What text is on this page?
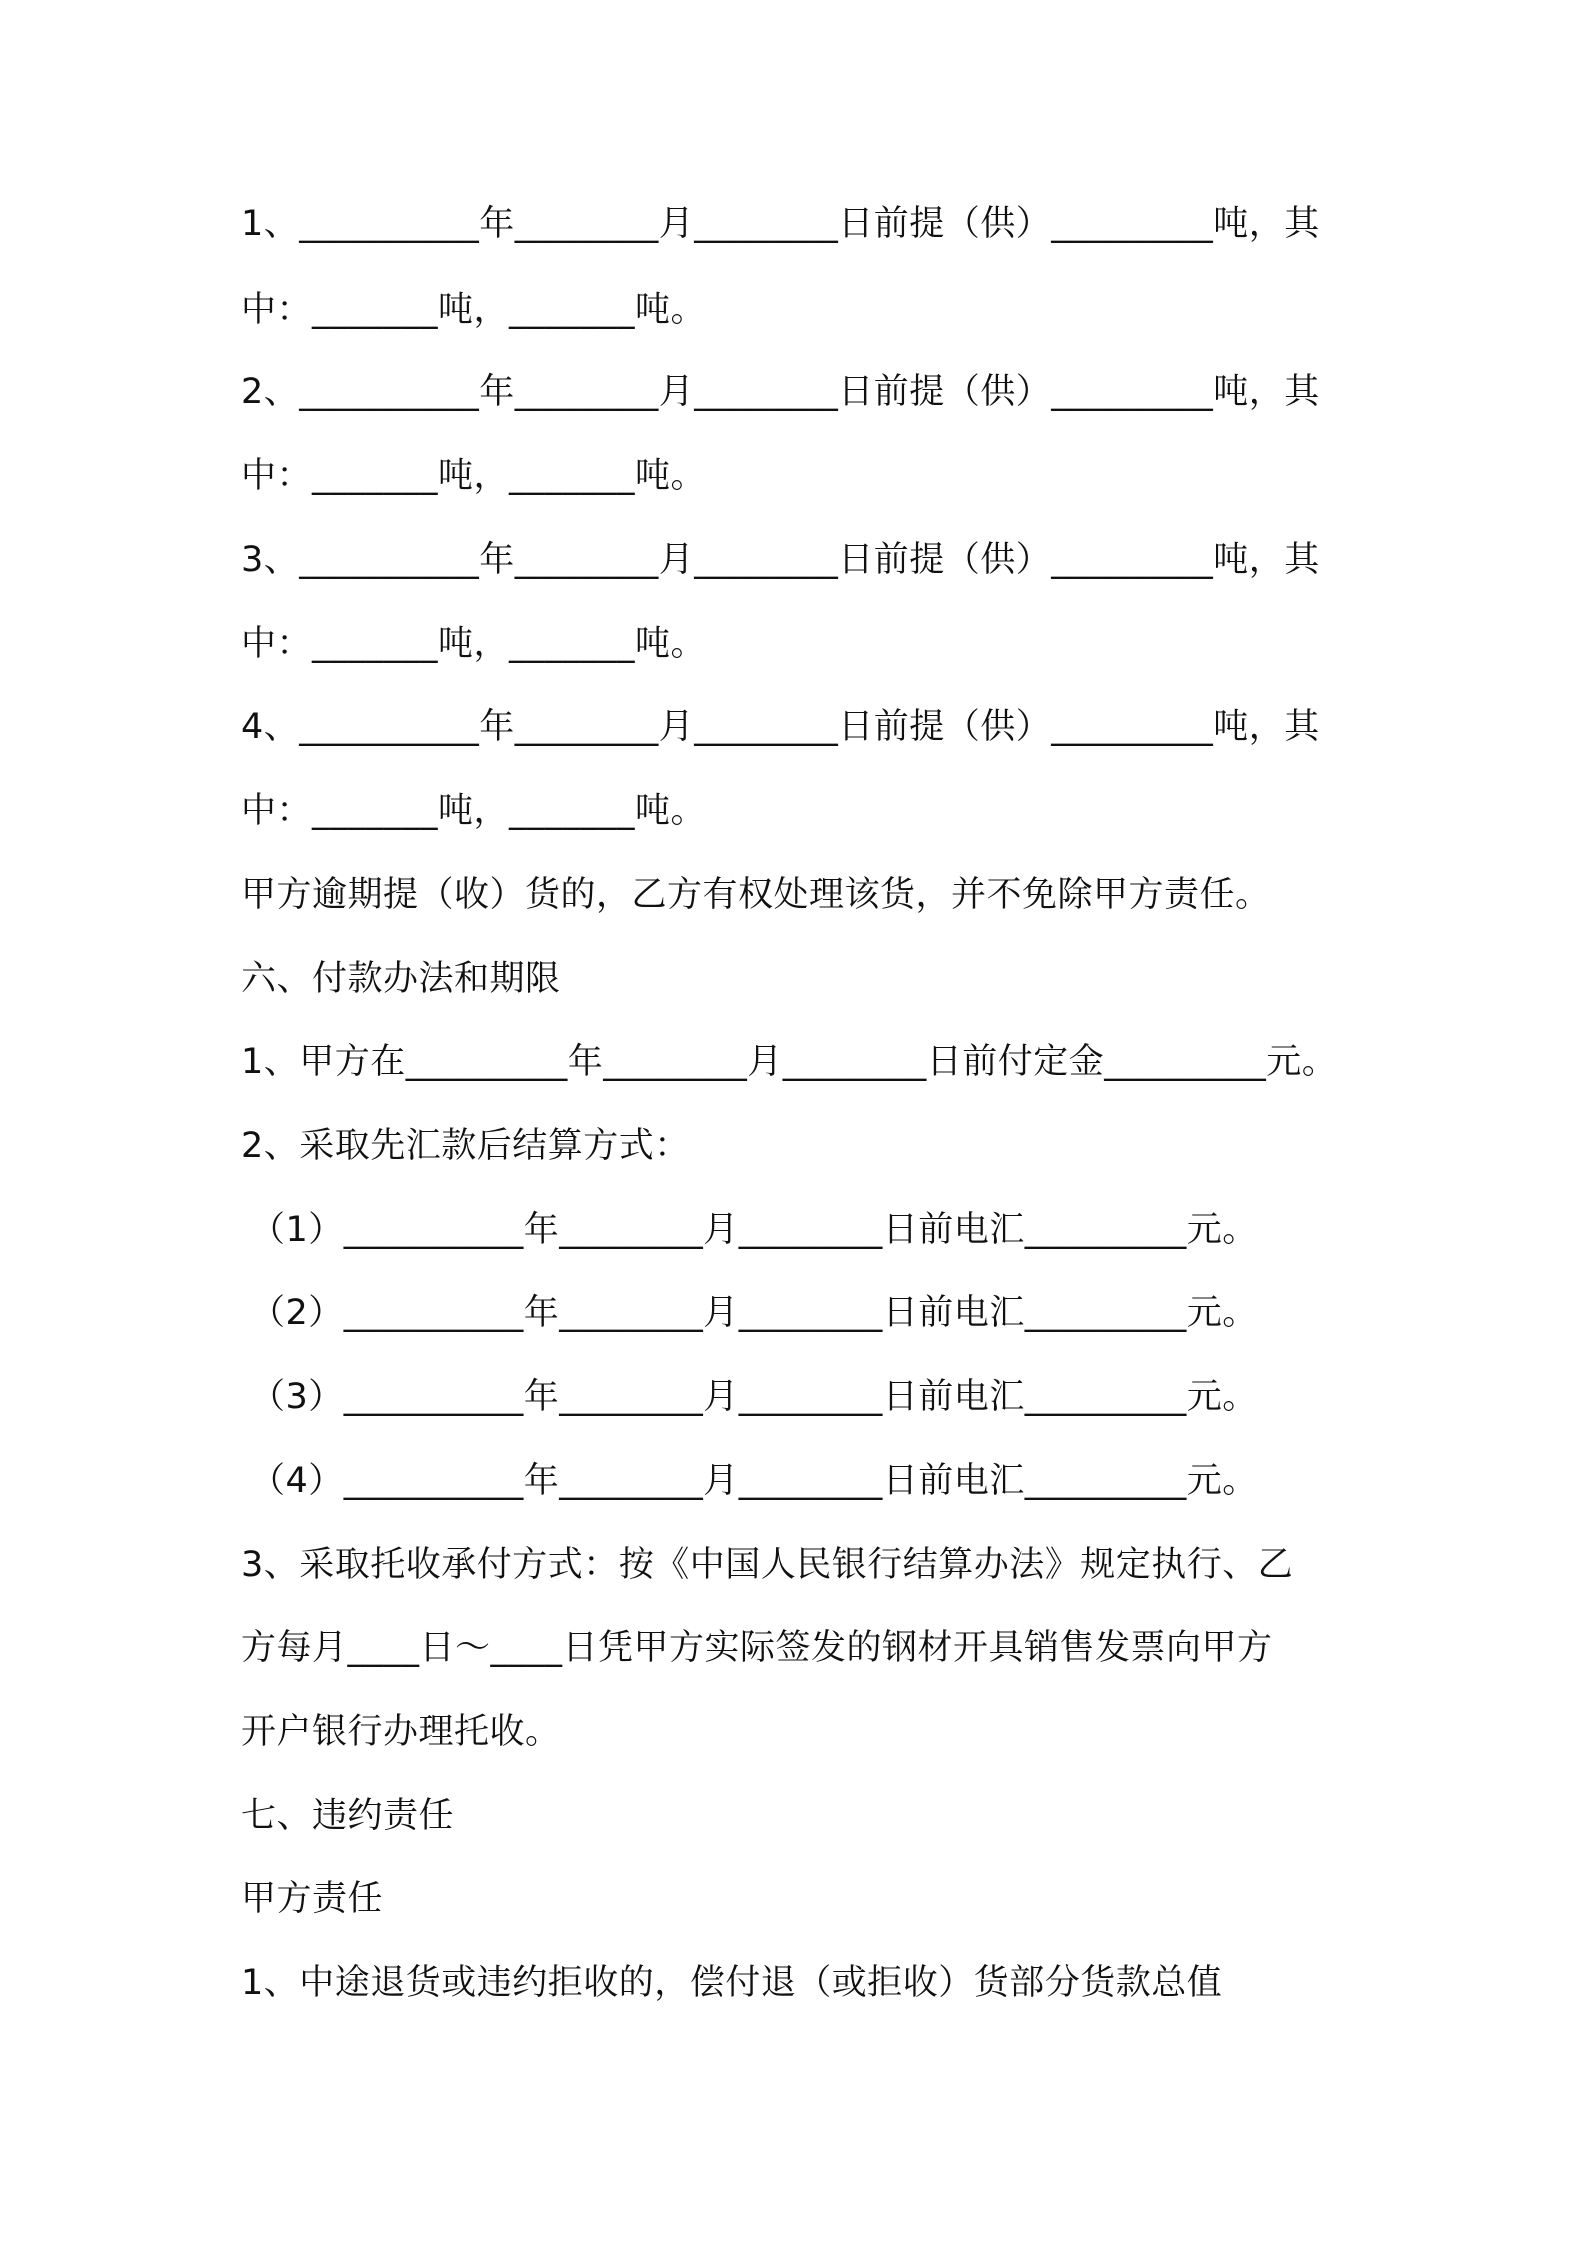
1、__________年________月________日前提（供）_________吨，其
中：_______吨，_______吨。
2、__________年________月________日前提（供）_________吨，其
中：_______吨，_______吨。
3、__________年________月________日前提（供）_________吨，其
中：_______吨，_______吨。
4、__________年________月________日前提（供）_________吨，其
中：_______吨，_______吨。
甲方逾期提（收）货的，乙方有权处理该货，并不免除甲方责任。
六、付款办法和期限
1、甲方在_________年________月________日前付定金_________元。
2、采取先汇款后结算方式：
（1）__________年________月________日前电汇_________元。
（2）__________年________月________日前电汇_________元。
（3）__________年________月________日前电汇_________元。
（4）__________年________月________日前电汇_________元。
3、采取托收承付方式：按《中国人民银行结算办法》规定执行、乙
方每月____日～____日凭甲方实际签发的钢材开具销售发票向甲方
开户银行办理托收。
七、违约责任
甲方责任
1、中途退货或违约拒收的，偿付退（或拒收）货部分货款总值
